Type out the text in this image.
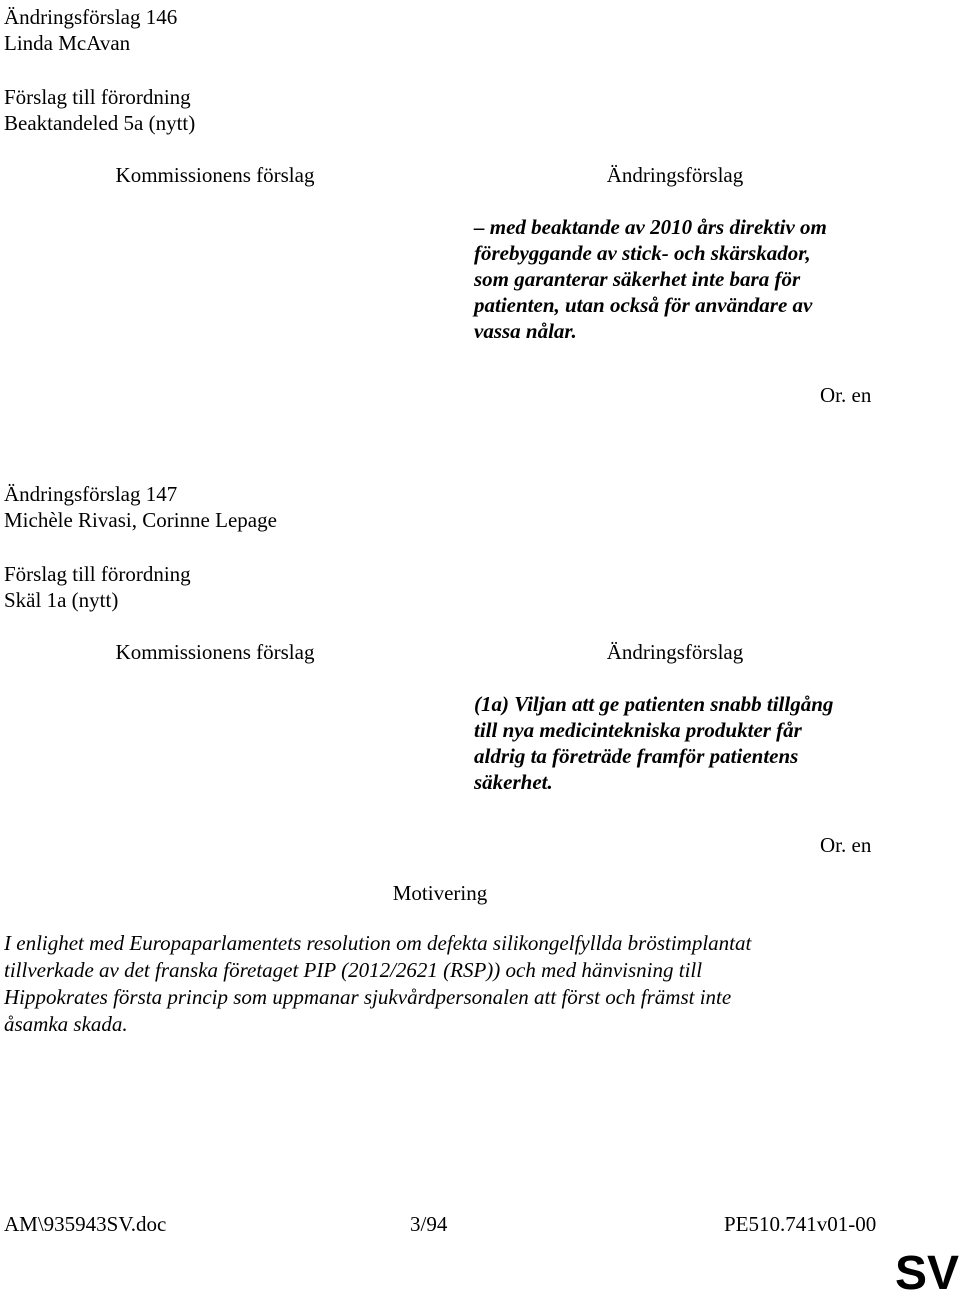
Ändringsförslag 146
Linda McAvan
Förslag till förordning
Beaktandeled 5a (nytt)
Kommissionens förslag	Ändringsförslag
– med beaktande av 2010 års direktiv om
förebyggande av stick- och skärskador,
som garanterar säkerhet inte bara för
patienten, utan också för användare av
vassa nålar.
Or. en
Ändringsförslag 147
Michèle Rivasi, Corinne Lepage
Förslag till förordning
Skäl 1a (nytt)
Kommissionens förslag	Ändringsförslag
(1a) Viljan att ge patienten snabb tillgång
till nya medicintekniska produkter får
aldrig ta företräde framför patientens
säkerhet.
Or. en
Motivering
I enlighet med Europaparlamentets resolution om defekta silikongelfyllda bröstimplantat
tillverkade av det franska företaget PIP (2012/2621 (RSP)) och med hänvisning till
Hippokrates första princip som uppmanar sjukvårdpersonalen att först och främst inte
åsamka skada.
AM\935943SV.doc	3/94	PE510.741v01-00
SV
